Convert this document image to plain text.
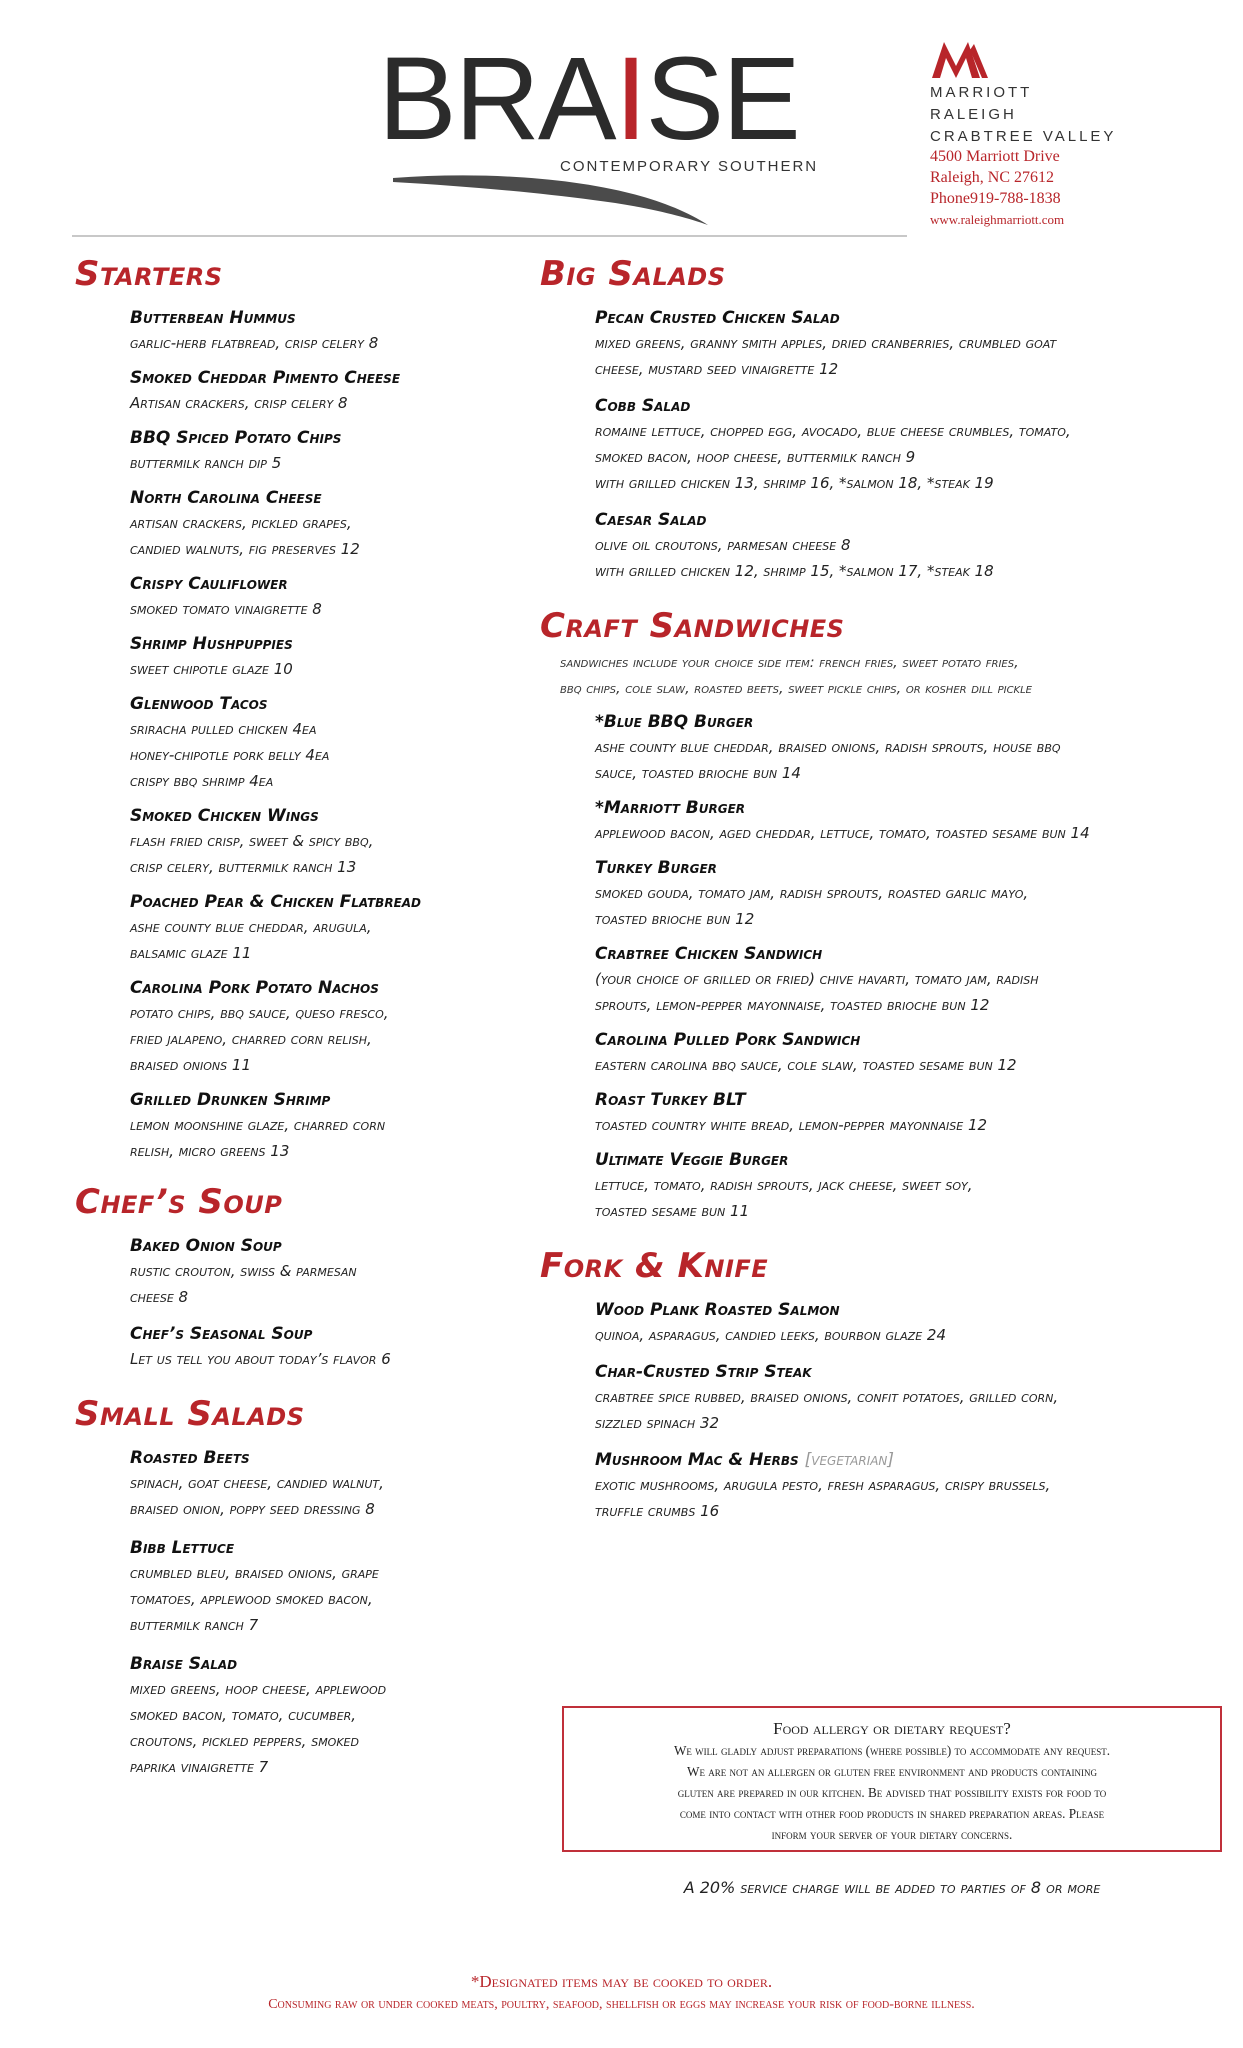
BRAISE
CONTEMPORARY SOUTHERN
MARRIOTT
RALEIGH
CRABTREE VALLEY
4500 Marriott Drive
Raleigh, NC 27612
Phone919-788-1838
www.raleighmarriott.com
Starters
Butterbean Hummus
garlic-herb flatbread, crisp celery 8
Smoked Cheddar Pimento Cheese
Artisan crackers, crisp celery 8
BBQ Spiced Potato Chips
buttermilk ranch dip 5
North Carolina Cheese
artisan crackers, pickled grapes,
candied walnuts, fig preserves 12
Crispy Cauliflower
smoked tomato vinaigrette 8
Shrimp Hushpuppies
sweet chipotle glaze 10
Glenwood Tacos
sriracha pulled chicken 4ea
honey-chipotle pork belly 4ea
crispy bbq shrimp 4ea
Smoked Chicken Wings
flash fried crisp, sweet & spicy bbq,
crisp celery, buttermilk ranch 13
Poached Pear & Chicken Flatbread
ashe county blue cheddar, arugula,
balsamic glaze 11
Carolina Pork Potato Nachos
potato chips, bbq sauce, queso fresco,
fried jalapeno, charred corn relish,
braised onions 11
Grilled Drunken Shrimp
lemon moonshine glaze, charred corn
relish, micro greens 13
Chef’s Soup
Baked Onion Soup
rustic crouton, swiss & parmesan
cheese 8
Chef’s Seasonal Soup
Let us tell you about today’s flavor 6
Small Salads
Roasted Beets
spinach, goat cheese, candied walnut,
braised onion, poppy seed dressing 8
Bibb Lettuce
crumbled bleu, braised onions, grape
tomatoes, applewood smoked bacon,
buttermilk ranch 7
Braise Salad
mixed greens, hoop cheese, applewood
smoked bacon, tomato, cucumber,
croutons, pickled peppers, smoked
paprika vinaigrette 7
Big Salads
Pecan Crusted Chicken Salad
mixed greens, granny smith apples, dried cranberries, crumbled goat
cheese, mustard seed vinaigrette 12
Cobb Salad
romaine lettuce, chopped egg, avocado, blue cheese crumbles, tomato,
smoked bacon, hoop cheese, buttermilk ranch 9
with grilled chicken 13, shrimp 16, *salmon 18, *steak 19
Caesar Salad
olive oil croutons, parmesan cheese 8
with grilled chicken 12, shrimp 15, *salmon 17, *steak 18
Craft Sandwiches
sandwiches include your choice side item: french fries, sweet potato fries,
bbq chips, cole slaw, roasted beets, sweet pickle chips, or kosher dill pickle
*Blue BBQ Burger
ashe county blue cheddar, braised onions, radish sprouts, house bbq
sauce, toasted brioche bun 14
*Marriott Burger
applewood bacon, aged cheddar, lettuce, tomato, toasted sesame bun 14
Turkey Burger
smoked gouda, tomato jam, radish sprouts, roasted garlic mayo,
toasted brioche bun 12
Crabtree Chicken Sandwich
(your choice of grilled or fried) chive havarti, tomato jam, radish
sprouts, lemon-pepper mayonnaise, toasted brioche bun 12
Carolina Pulled Pork Sandwich
eastern carolina bbq sauce, cole slaw, toasted sesame bun 12
Roast Turkey BLT
toasted country white bread, lemon-pepper mayonnaise 12
Ultimate Veggie Burger
lettuce, tomato, radish sprouts, jack cheese, sweet soy,
toasted sesame bun 11
Fork & Knife
Wood Plank Roasted Salmon
quinoa, asparagus, candied leeks, bourbon glaze 24
Char-Crusted Strip Steak
crabtree spice rubbed, braised onions, confit potatoes, grilled corn,
sizzled spinach 32
Mushroom Mac & Herbs [vegetarian]
exotic mushrooms, arugula pesto, fresh asparagus, crispy brussels,
truffle crumbs 16
Food allergy or dietary request?
We will gladly adjust preparations (where possible) to accommodate any request.
We are not an allergen or gluten free environment and products containing
gluten are prepared in our kitchen. Be advised that possibility exists for food to
come into contact with other food products in shared preparation areas. Please
inform your server of your dietary concerns.
A 20% service charge will be added to parties of 8 or more
*Designated items may be cooked to order.
Consuming raw or under cooked meats, poultry, seafood, shellfish or eggs may increase your risk of food-borne illness.
